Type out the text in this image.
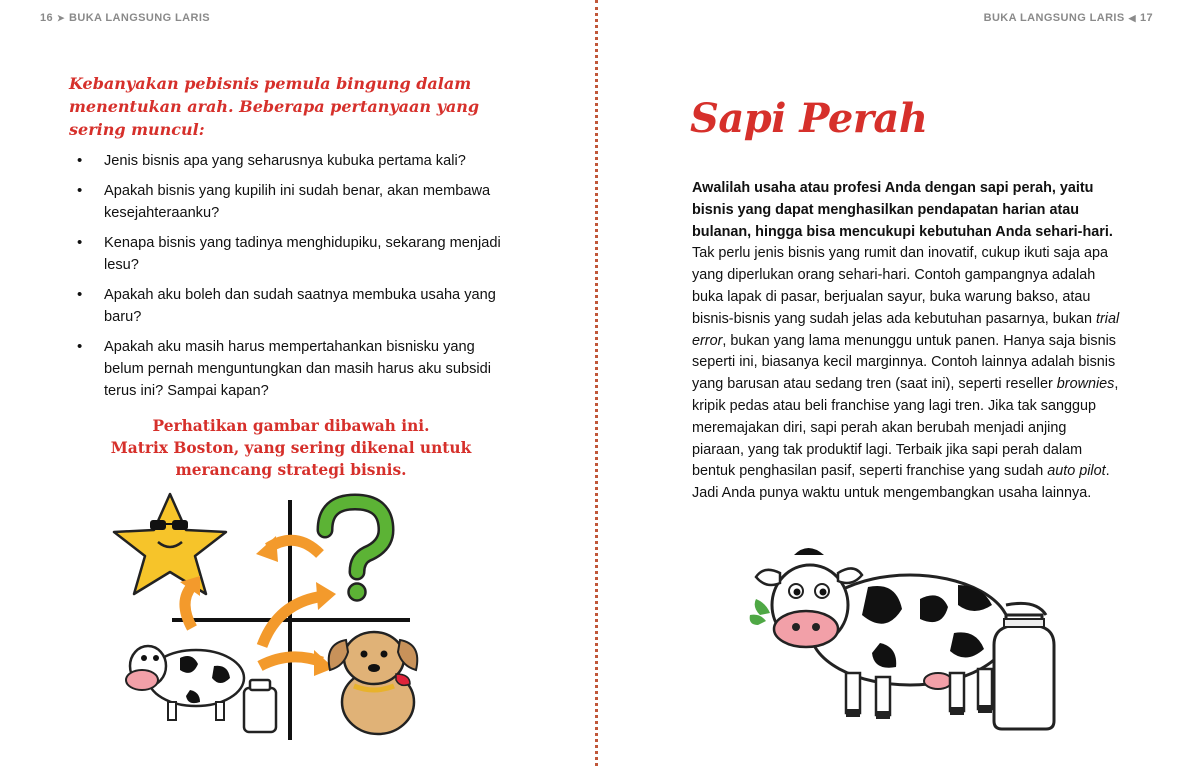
16 ➤ BUKA LANGSUNG LARIS

Kebanyakan pebisnis pemula bingung dalam menentukan arah. Beberapa pertanyaan yang sering muncul:

• Jenis bisnis apa yang seharusnya kubuka pertama kali?
• Apakah bisnis yang kupilih ini sudah benar, akan membawa kesejahteraanku?
• Kenapa bisnis yang tadinya menghidupiku, sekarang menjadi lesu?
• Apakah aku boleh dan sudah saatnya membuka usaha yang baru?
• Apakah aku masih harus mempertahankan bisnisku yang belum pernah menguntungkan dan masih harus aku subsidi terus ini? Sampai kapan?

Perhatikan gambar dibawah ini.
Matrix Boston, yang sering dikenal untuk
merancang strategi bisnis.

BUKA LANGSUNG LARIS ◀ 17
Sapi Perah

Awalilah usaha atau profesi Anda dengan sapi perah, yaitu bisnis yang dapat menghasilkan pendapatan harian atau bulanan, hingga bisa mencukupi kebutuhan Anda sehari-hari. Tak perlu jenis bisnis yang rumit dan inovatif, cukup ikuti saja apa yang diperlukan orang sehari-hari. Contoh gampangnya adalah buka lapak di pasar, berjualan sayur, buka warung bakso, atau bisnis-bisnis yang sudah jelas ada kebutuhan pasarnya, bukan trial error, bukan yang lama menunggu untuk panen. Hanya saja bisnis seperti ini, biasanya kecil marginnya. Contoh lainnya adalah bisnis yang barusan atau sedang tren (saat ini), seperti reseller brownies, kripik pedas atau beli franchise yang lagi tren. Jika tak sanggup meremajakan diri, sapi perah akan berubah menjadi anjing piaraan, yang tak produktif lagi. Terbaik jika sapi perah dalam bentuk penghasilan pasif, seperti franchise yang sudah auto pilot. Jadi Anda punya waktu untuk mengembangkan usaha lainnya.
